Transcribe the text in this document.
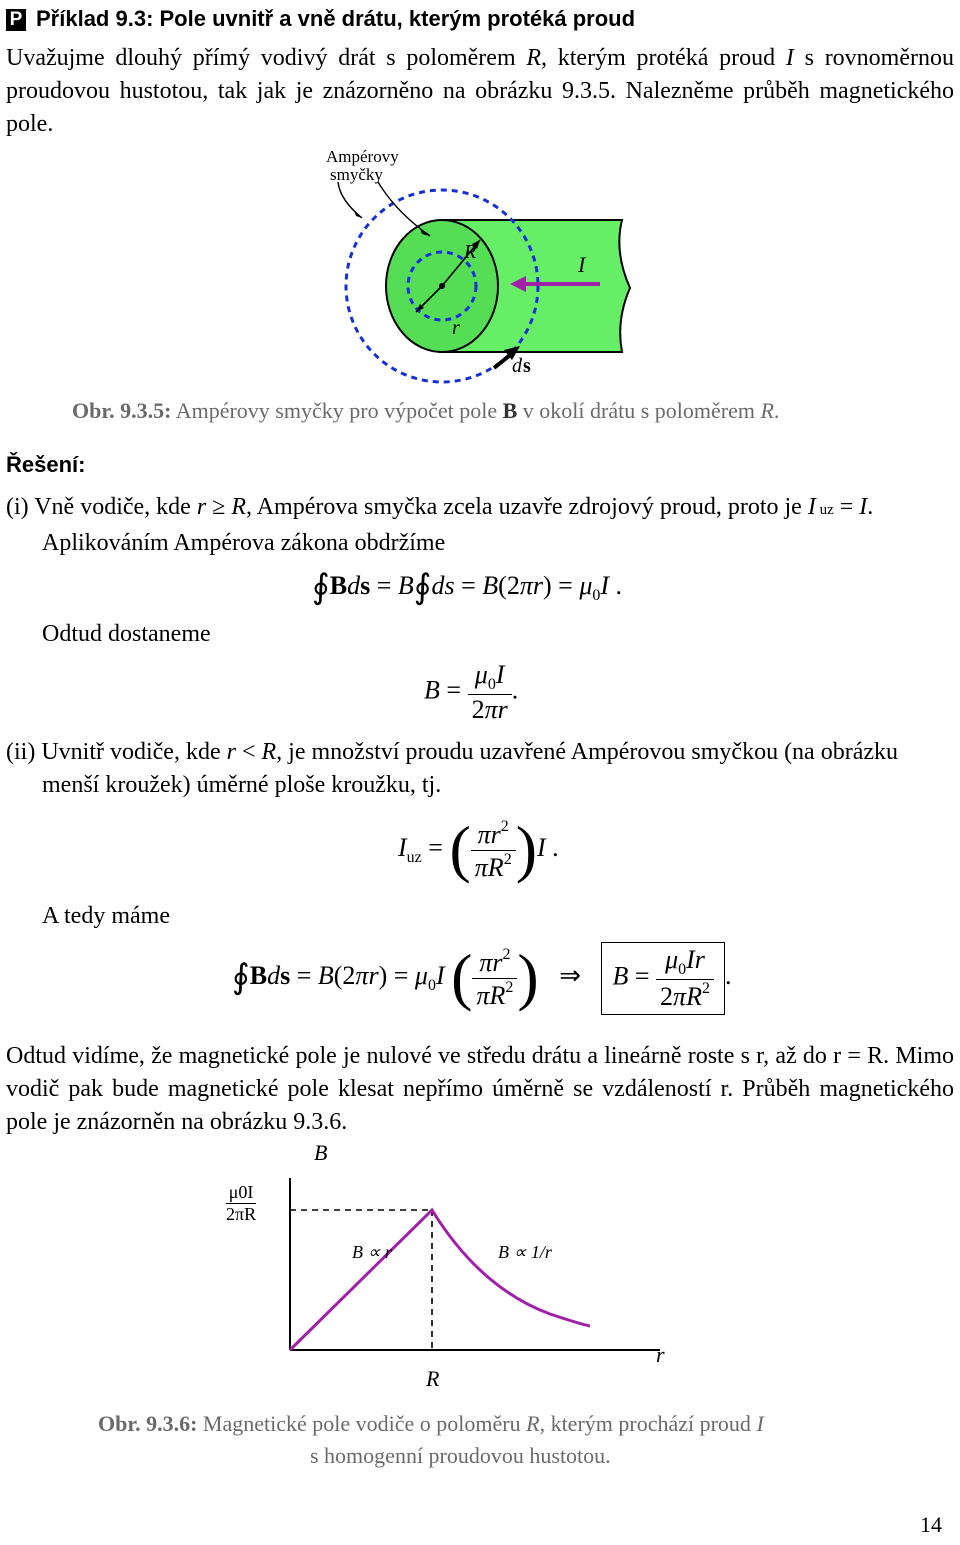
P Příklad 9.3: Pole uvnitř a vně drátu, kterým protéká proud
Uvažujme dlouhý přímý vodivý drát s poloměrem R, kterým protéká proud I s rovnoměrnou proudovou hustotou, tak jak je znázorněno na obrázku 9.3.5. Nalezněme průběh magnetického pole.
Ampérovy
smyčky
R
r
I
d s
Obr. 9.3.5: Ampérovy smyčky pro výpočet pole B v okolí drátu s poloměrem R.
Řešení:
(i) Vně vodiče, kde r ≥ R, Ampérova smyčka zcela uzavře zdrojový proud, proto je I uz = I.
Aplikováním Ampérova zákona obdržíme
∮Bds = B∮ds = $B(2\pi r) = \mu_0I$ .
Odtud dostaneme
$B = \frac{\mu_0I}{2\pi r}$ .
(ii) Uvnitř vodiče, kde r < R, je množství proudu uzavřené Ampérovou smyčkou (na obrázku
menší kroužek) úměrné ploše kroužku, tj.
$I_{uz}$ = ( $\frac{\pi r^2}{\pi R^2} )I$ .
A tedy máme
∮Bds = $B(2\pi r) = \mu_0I$ ( $\frac{\pi r^2}{\pi R^2}$ ) ⇒ $B = \frac{\mu_0Ir}{2\pi R^2}$ .
Odtud vidíme, že magnetické pole je nulové ve středu drátu a lineárně roste s r, až do r = R. Mimo vodič pak bude magnetické pole klesat nepřímo úměrně se vzdáleností r. Průběh magnetického pole je znázorněn na obrázku 9.3.6.
B
r
R
B ∝ r	B ∝ 1/r
μ0I
2πR
Obr. 9.3.6: Magnetické pole vodiče o poloměru R, kterým prochází proud I
s homogenní proudovou hustotou.
14
